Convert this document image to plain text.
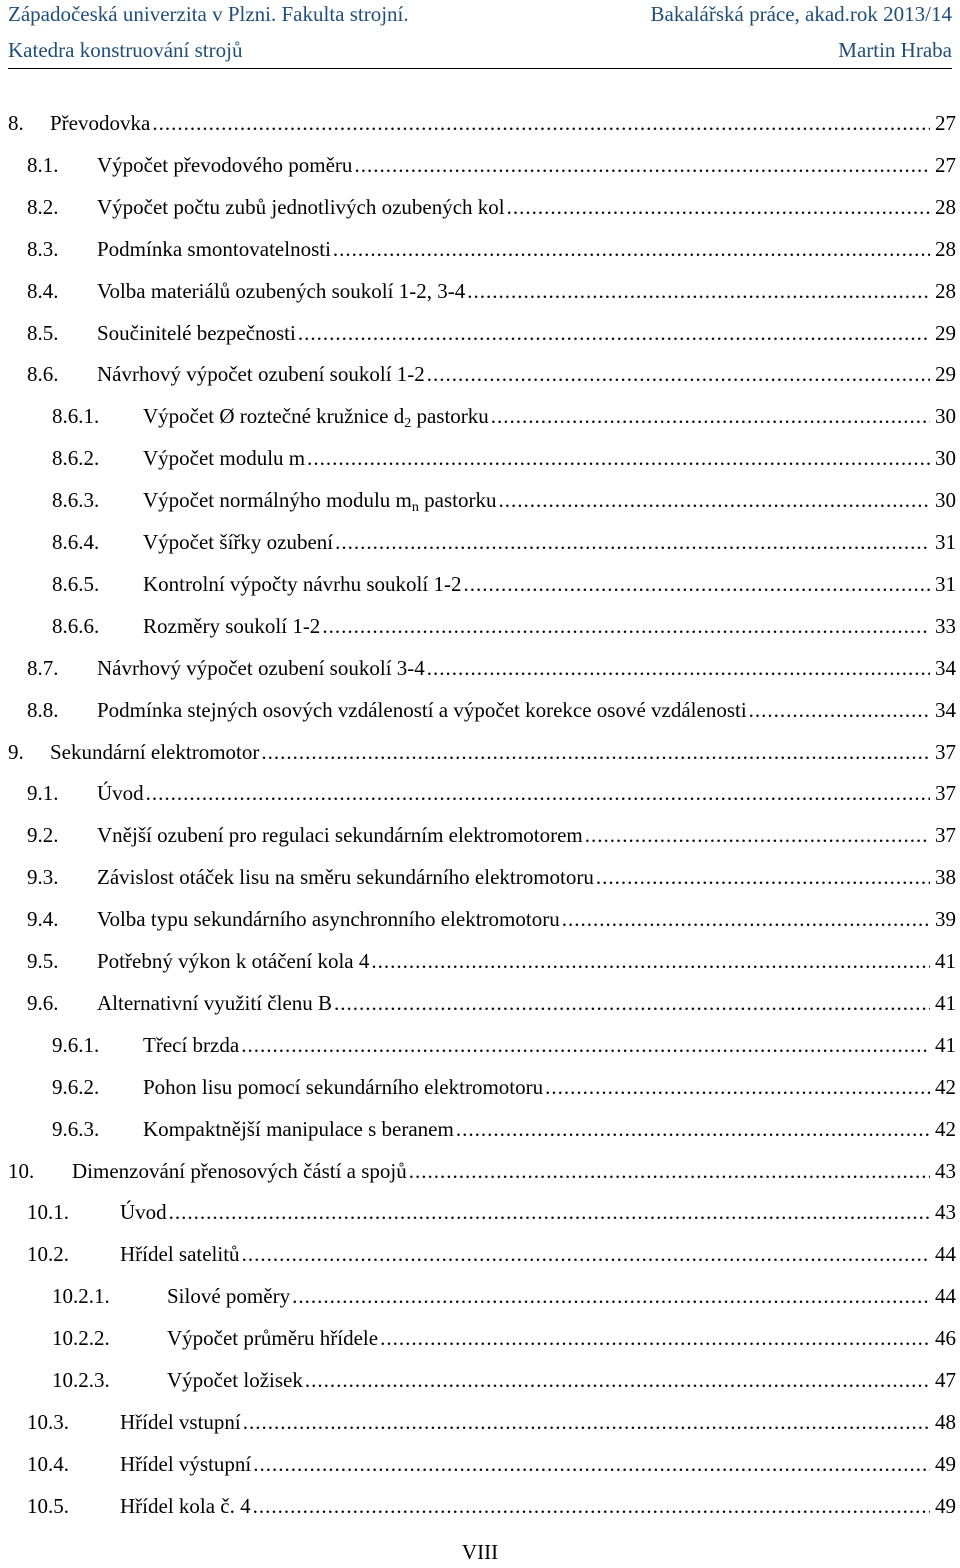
Západočeská univerzita v Plzni. Fakulta strojní.	Bakalářská práce, akad.rok 2013/14
Katedra konstruování strojů	Martin Hraba
8. Převodovka .....	27
8.1. Výpočet převodového poměru .....	27
8.2. Výpočet počtu zubů jednotlivých ozubených kol .....	28
8.3. Podmínka smontovatelnosti .....	28
8.4. Volba materiálů ozubených soukolí 1-2, 3-4 .....	28
8.5. Součinitelé bezpečnosti .....	29
8.6. Návrhový výpočet ozubení soukolí 1-2 .....	29
8.6.1. Výpočet Ø roztečné kružnice $d_2$ pastorku .....	30
8.6.2. Výpočet modulu m .....	30
8.6.3. Výpočet normálnýho modulu $m_n$ pastorku .....	30
8.6.4. Výpočet šířky ozubení .....	31
8.6.5. Kontrolní výpočty návrhu soukolí 1-2 .....	31
8.6.6. Rozměry soukolí 1-2 .....	33
8.7. Návrhový výpočet ozubení soukolí 3-4 .....	34
8.8. Podmínka stejných osových vzdáleností a výpočet korekce osové vzdálenosti .....	34
9. Sekundární elektromotor .....	37
9.1. Úvod .....	37
9.2. Vnější ozubení pro regulaci sekundárním elektromotorem .....	37
9.3. Závislost otáček lisu na směru sekundárního elektromotoru .....	38
9.4. Volba typu sekundárního asynchronního elektromotoru .....	39
9.5. Potřebný výkon k otáčení kola 4 .....	41
9.6. Alternativní využití členu B .....	41
9.6.1. Třecí brzda .....	41
9.6.2. Pohon lisu pomocí sekundárního elektromotoru .....	42
9.6.3. Kompaktnější manipulace s beranem .....	42
10. Dimenzování přenosových částí a spojů .....	43
10.1. Úvod .....	43
10.2. Hřídel satelitů .....	44
10.2.1.	Silové poměry .....	44
10.2.2.	Výpočet průměru hřídele .....	46
10.2.3.	Výpočet ložisek .....	47
10.3. Hřídel vstupní .....	48
10.4. Hřídel výstupní .....	49
10.5. Hřídel kola č. 4 .....	49
VIII
